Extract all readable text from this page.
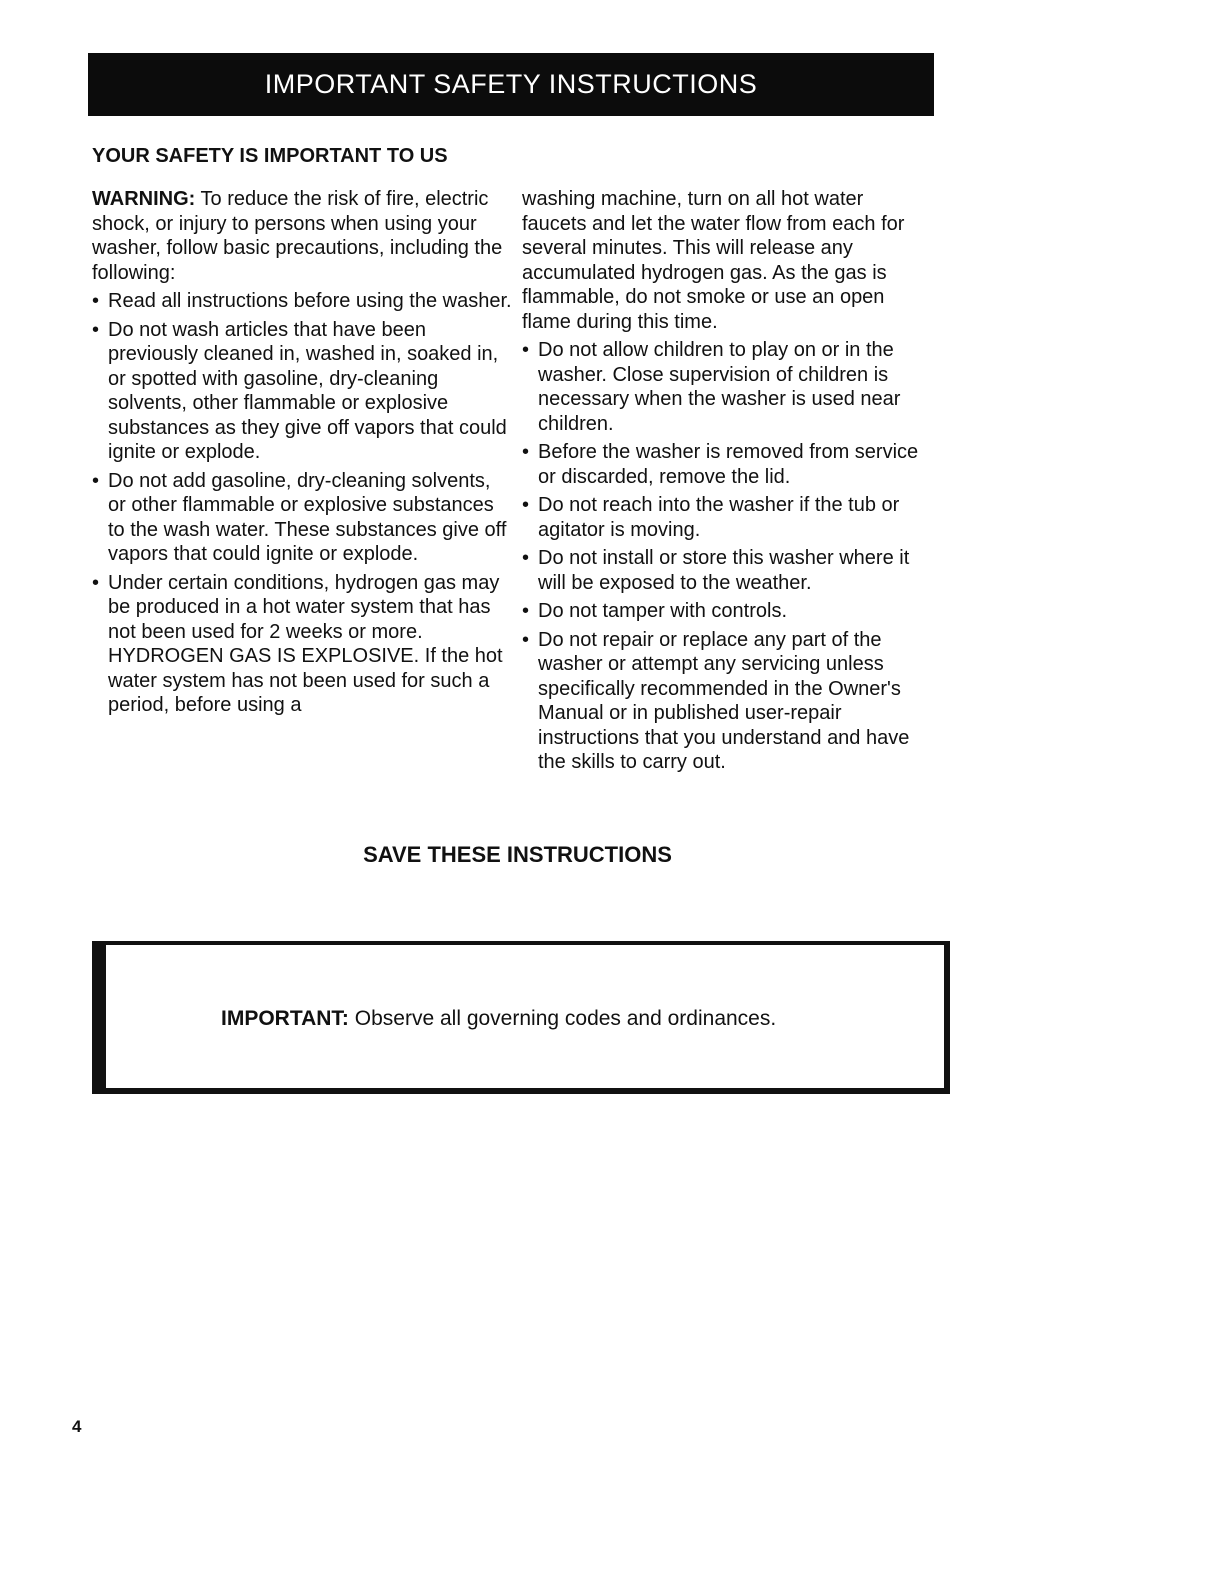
IMPORTANT SAFETY INSTRUCTIONS
YOUR SAFETY IS IMPORTANT TO US

WARNING: To reduce the risk of fire, electric shock, or injury to persons when using your washer, follow basic precautions, including the following:

• Read all instructions before using the washer.
• Do not wash articles that have been previously cleaned in, washed in, soaked in, or spotted with gasoline, dry-cleaning solvents, other flammable or explosive substances as they give off vapors that could ignite or explode.
• Do not add gasoline, dry-cleaning solvents, or other flammable or explosive substances to the wash water. These substances give off vapors that could ignite or explode.
• Under certain conditions, hydrogen gas may be produced in a hot water system that has not been used for 2 weeks or more. HYDROGEN GAS IS EXPLOSIVE. If the hot water system has not been used for such a period, before using a

washing machine, turn on all hot water faucets and let the water flow from each for several minutes. This will release any accumulated hydrogen gas. As the gas is flammable, do not smoke or use an open flame during this time.

• Do not allow children to play on or in the washer. Close supervision of children is necessary when the washer is used near children.
• Before the washer is removed from service or discarded, remove the lid.
• Do not reach into the washer if the tub or agitator is moving.
• Do not install or store this washer where it will be exposed to the weather.
• Do not tamper with controls.
• Do not repair or replace any part of the washer or attempt any servicing unless specifically recommended in the Owner's Manual or in published user-repair instructions that you understand and have the skills to carry out.
SAVE THESE INSTRUCTIONS
IMPORTANT: Observe all governing codes and ordinances.
4
